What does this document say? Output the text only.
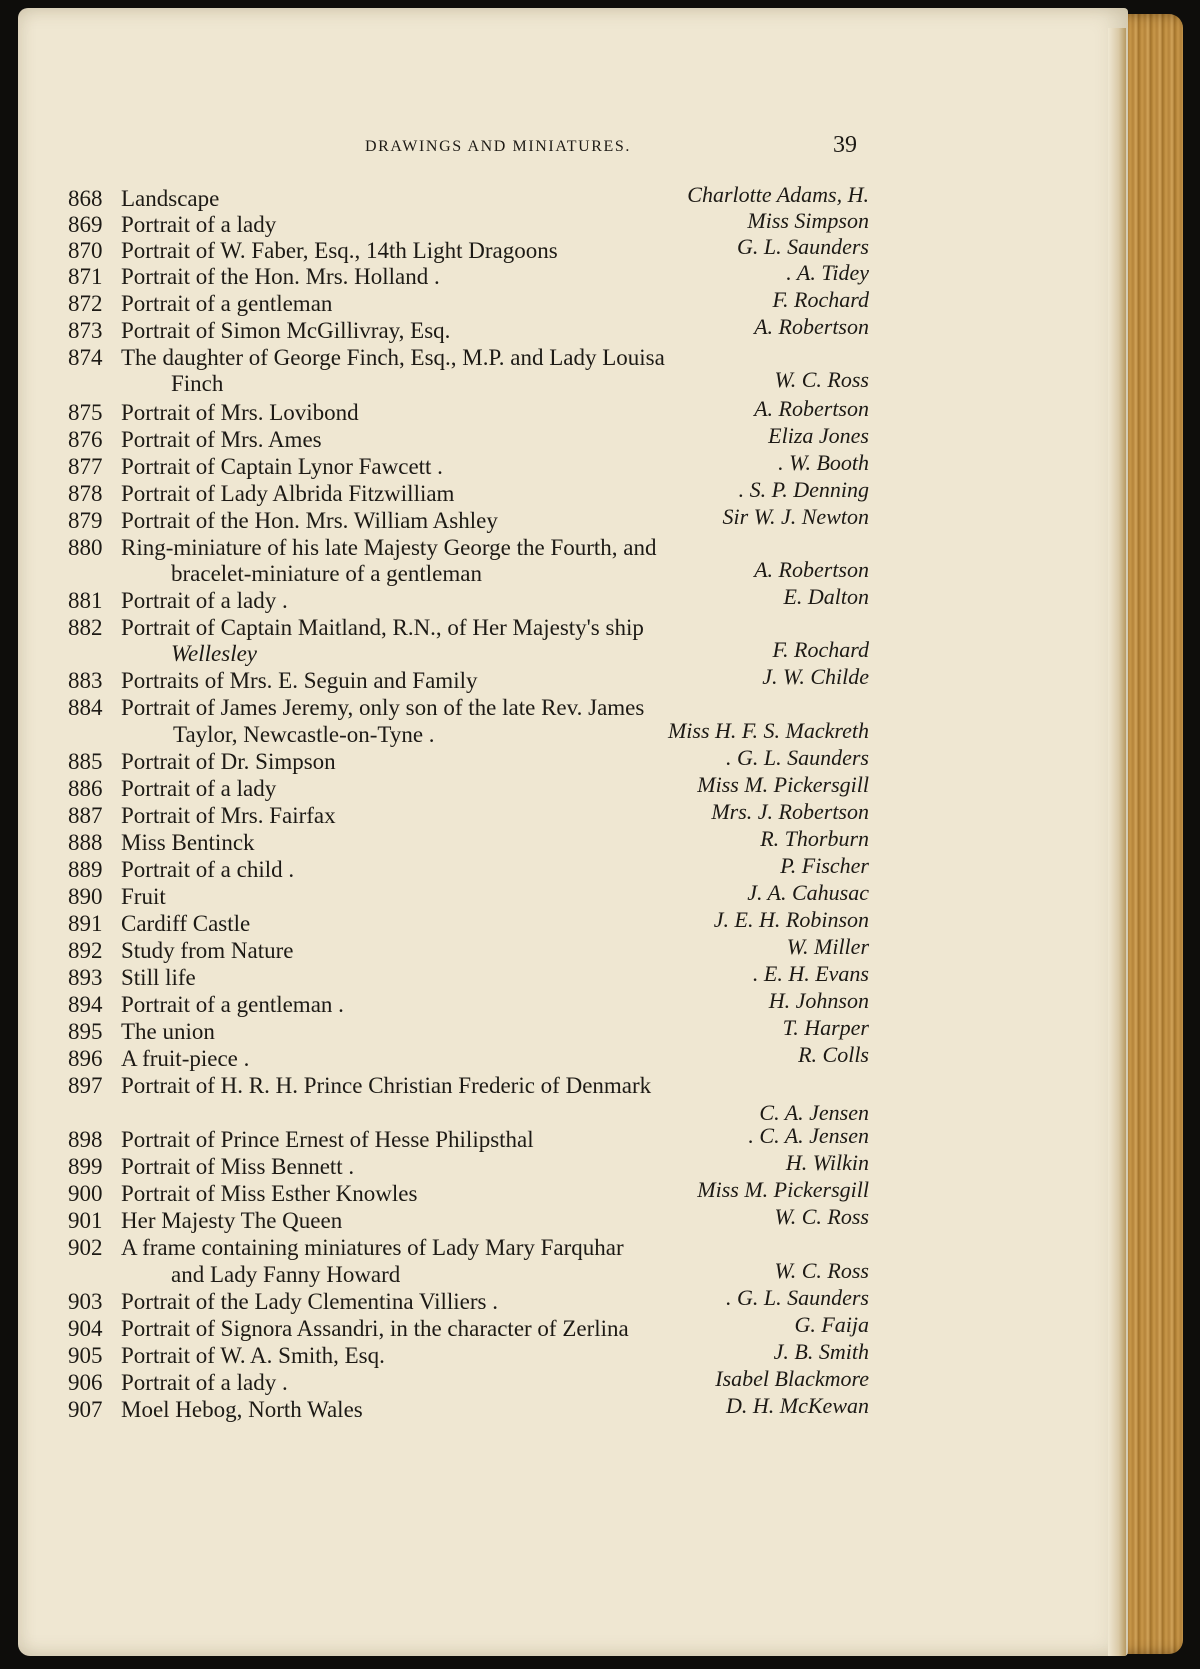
DRAWINGS AND MINIATURES.	39
868 Landscape	Charlotte Adams, H.
869 Portrait of a lady	Miss Simpson
870 Portrait of W. Faber, Esq., 14th Light Dragoons	G. L. Saunders
871 Portrait of the Hon. Mrs. Holland .	. A. Tidey
872 Portrait of a gentleman	F. Rochard
873 Portrait of Simon McGillivray, Esq.	A. Robertson
874 The daughter of George Finch, Esq., M.P. and Lady Louisa
Finch	W. C. Ross
875 Portrait of Mrs. Lovibond	A. Robertson
876 Portrait of Mrs. Ames	Eliza Jones
877 Portrait of Captain Lynor Fawcett .	. W. Booth
878 Portrait of Lady Albrida Fitzwilliam	. S. P. Denning
879 Portrait of the Hon. Mrs. William Ashley	Sir W. J. Newton
880 Ring-miniature of his late Majesty George the Fourth, and
bracelet-miniature of a gentleman	A. Robertson
881 Portrait of a lady .	E. Dalton
882 Portrait of Captain Maitland, R.N., of Her Majesty's ship
Wellesley	F. Rochard
883 Portraits of Mrs. E. Seguin and Family	J. W. Childe
884 Portrait of James Jeremy, only son of the late Rev. James
Taylor, Newcastle-on-Tyne .	Miss H. F. S. Mackreth
885 Portrait of Dr. Simpson	. G. L. Saunders
886 Portrait of a lady	Miss M. Pickersgill
887 Portrait of Mrs. Fairfax	Mrs. J. Robertson
888 Miss Bentinck	R. Thorburn
889 Portrait of a child .	P. Fischer
890 Fruit	J. A. Cahusac
891 Cardiff Castle	J. E. H. Robinson
892 Study from Nature	W. Miller
893 Still life	. E. H. Evans
894 Portrait of a gentleman .	H. Johnson
895 The union	T. Harper
896 A fruit-piece .	R. Colls
897 Portrait of H. R. H. Prince Christian Frederic of Denmark
C. A. Jensen
898 Portrait of Prince Ernest of Hesse Philipsthal	. C. A. Jensen
899 Portrait of Miss Bennett .	H. Wilkin
900 Portrait of Miss Esther Knowles	Miss M. Pickersgill
901 Her Majesty The Queen	W. C. Ross
902 A frame containing miniatures of Lady Mary Farquhar
and Lady Fanny Howard	W. C. Ross
903 Portrait of the Lady Clementina Villiers .	. G. L. Saunders
904 Portrait of Signora Assandri, in the character of Zerlina	G. Faija
905 Portrait of W. A. Smith, Esq.	J. B. Smith
906 Portrait of a lady .	Isabel Blackmore
907 Moel Hebog, North Wales	D. H. McKewan
